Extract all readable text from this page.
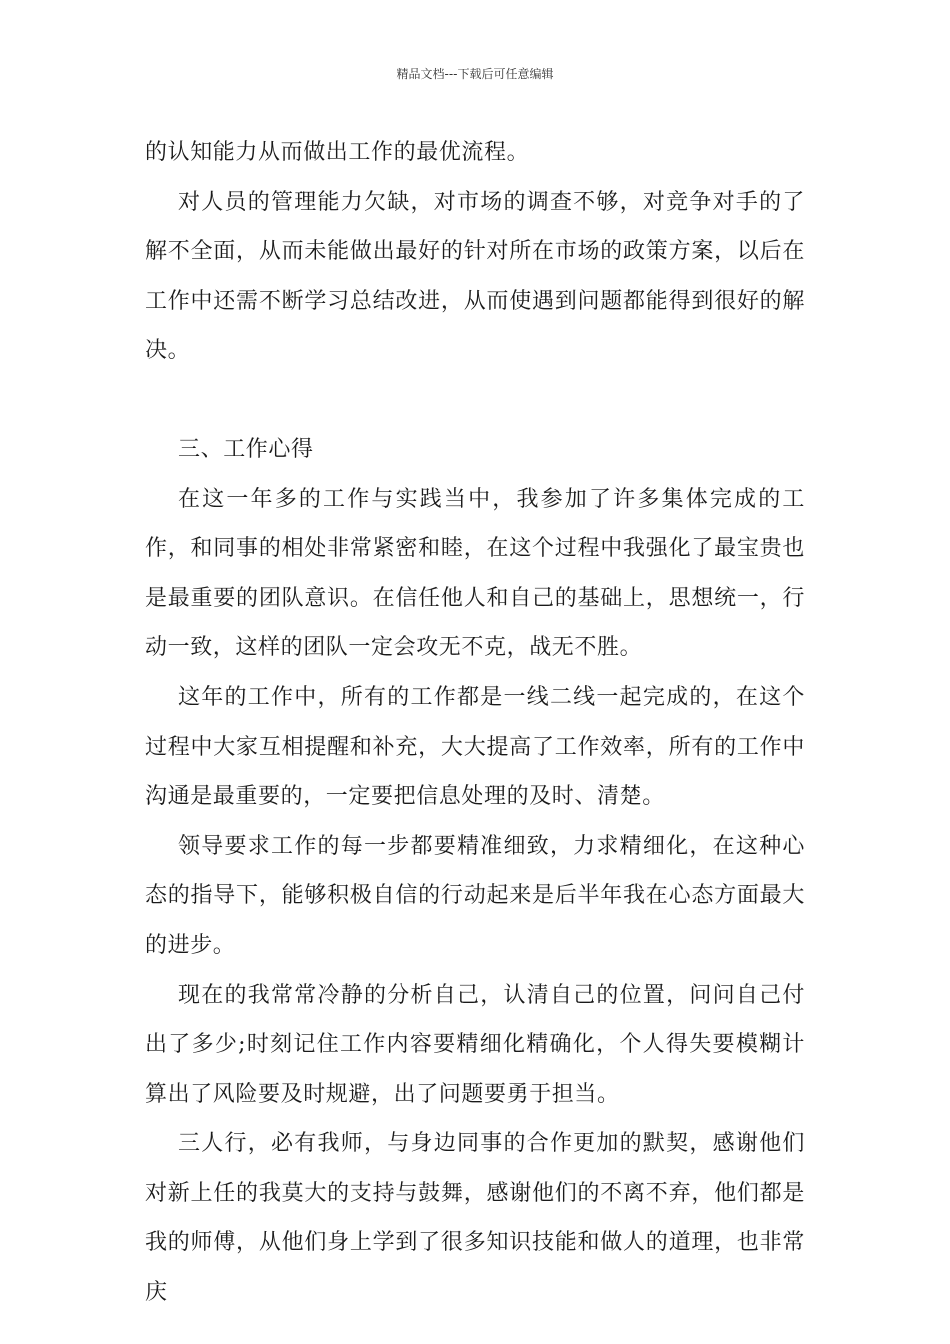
精品文档---下载后可任意编辑

的认知能力从而做出工作的最优流程。

对人员的管理能力欠缺，对市场的调查不够，对竞争对手的了解不全面，从而未能做出最好的针对所在市场的政策方案，以后在工作中还需不断学习总结改进，从而使遇到问题都能得到很好的解决。

三、工作心得

在这一年多的工作与实践当中，我参加了许多集体完成的工作，和同事的相处非常紧密和睦，在这个过程中我强化了最宝贵也是最重要的团队意识。在信任他人和自己的基础上，思想统一，行动一致，这样的团队一定会攻无不克，战无不胜。

这年的工作中，所有的工作都是一线二线一起完成的，在这个过程中大家互相提醒和补充，大大提高了工作效率，所有的工作中沟通是最重要的，一定要把信息处理的及时、清楚。

领导要求工作的每一步都要精准细致，力求精细化，在这种心态的指导下，能够积极自信的行动起来是后半年我在心态方面最大的进步。

现在的我常常冷静的分析自己，认清自己的位置，问问自己付出了多少;时刻记住工作内容要精细化精确化，个人得失要模糊计算出了风险要及时规避，出了问题要勇于担当。

三人行，必有我师，与身边同事的合作更加的默契，感谢他们对新上任的我莫大的支持与鼓舞，感谢他们的不离不弃，他们都是我的师傅，从他们身上学到了很多知识技能和做人的道理，也非常庆
